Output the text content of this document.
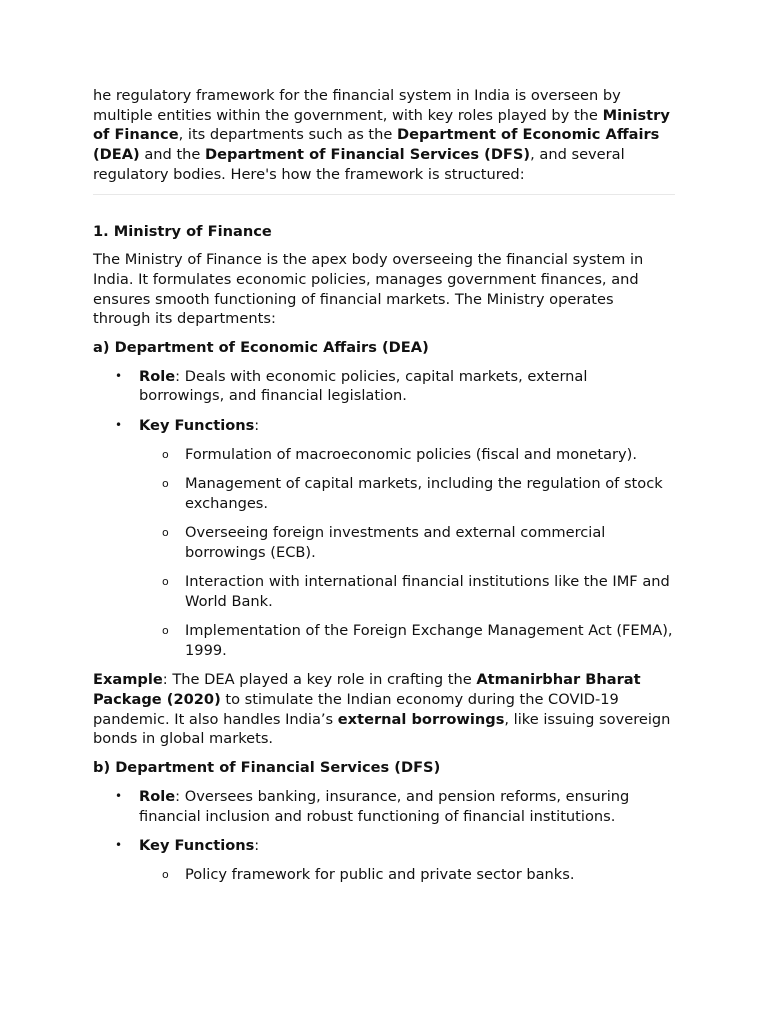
he regulatory framework for the financial system in India is overseen by multiple entities within the government, with key roles played by the Ministry of Finance, its departments such as the Department of Economic Affairs (DEA) and the Department of Financial Services (DFS), and several regulatory bodies. Here's how the framework is structured:

1. Ministry of Finance

The Ministry of Finance is the apex body overseeing the financial system in India. It formulates economic policies, manages government finances, and ensures smooth functioning of financial markets. The Ministry operates through its departments:

a) Department of Economic Affairs (DEA)

• Role: Deals with economic policies, capital markets, external borrowings, and financial legislation.
• Key Functions:
o Formulation of macroeconomic policies (fiscal and monetary).
o Management of capital markets, including the regulation of stock exchanges.
o Overseeing foreign investments and external commercial borrowings (ECB).
o Interaction with international financial institutions like the IMF and World Bank.
o Implementation of the Foreign Exchange Management Act (FEMA), 1999.

Example: The DEA played a key role in crafting the Atmanirbhar Bharat Package (2020) to stimulate the Indian economy during the COVID-19 pandemic. It also handles India’s external borrowings, like issuing sovereign bonds in global markets.

b) Department of Financial Services (DFS)

• Role: Oversees banking, insurance, and pension reforms, ensuring financial inclusion and robust functioning of financial institutions.
• Key Functions:
o Policy framework for public and private sector banks.
